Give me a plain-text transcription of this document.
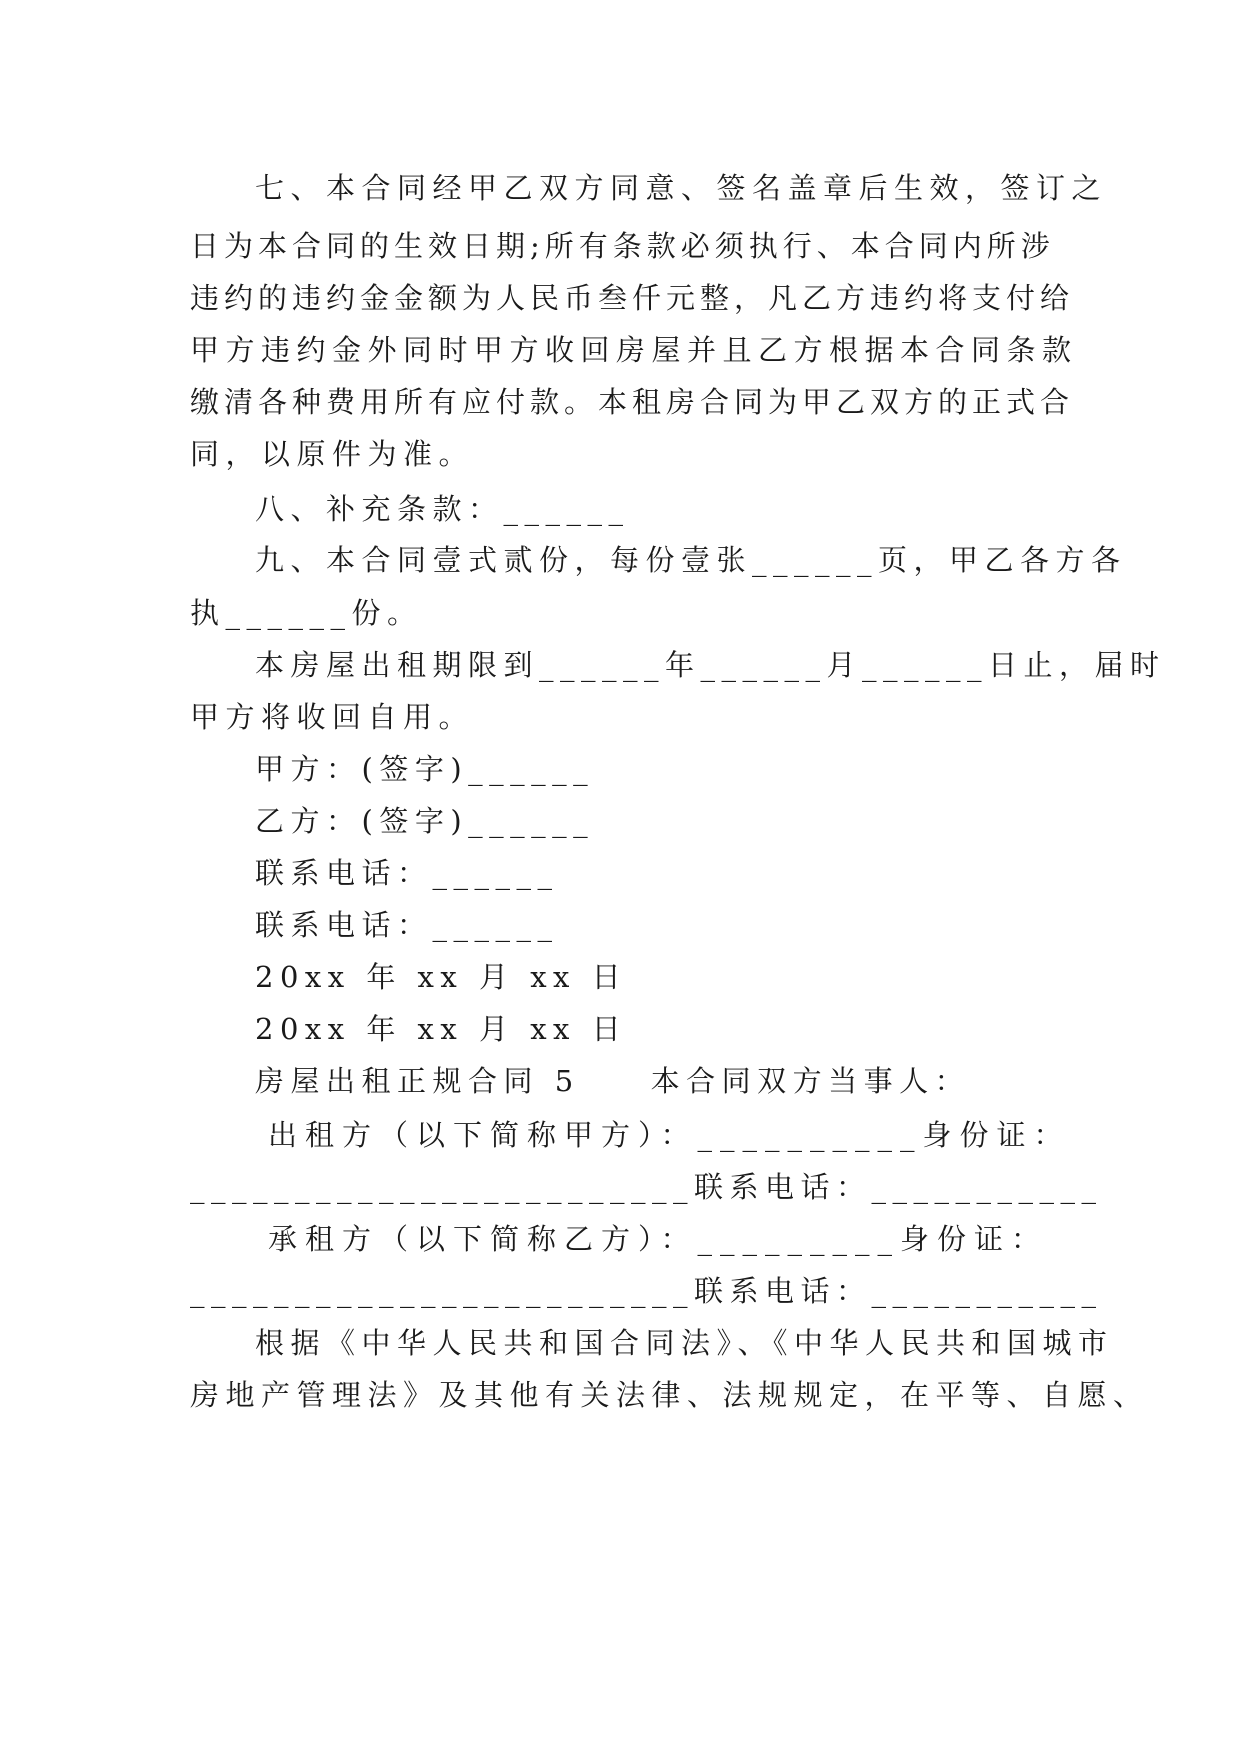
七、本合同经甲乙双方同意、签名盖章后生效，签订之
日为本合同的生效日期;所有条款必须执行、本合同内所涉
违约的违约金金额为人民币叁仟元整，凡乙方违约将支付给
甲方违约金外同时甲方收回房屋并且乙方根据本合同条款
缴清各种费用所有应付款。本租房合同为甲乙双方的正式合
同，以原件为准。
八、补充条款：______
九、本合同壹式贰份，每份壹张______页，甲乙各方各
执______份。
本房屋出租期限到______年______月______日止，届时
甲方将收回自用。
甲方：(签字)______
乙方：(签字)______
联系电话：______
联系电话：______
20xx 年 xx 月 xx 日
20xx 年 xx 月 xx 日
房屋出租正规合同 5　　本合同双方当事人：
出租方（以下简称甲方）：__________身份证：
________________________联系电话：___________
承租方（以下简称乙方）：_________身份证：
________________________联系电话：___________
根据《中华人民共和国合同法》、《中华人民共和国城市
房地产管理法》及其他有关法律、法规规定，在平等、自愿、
